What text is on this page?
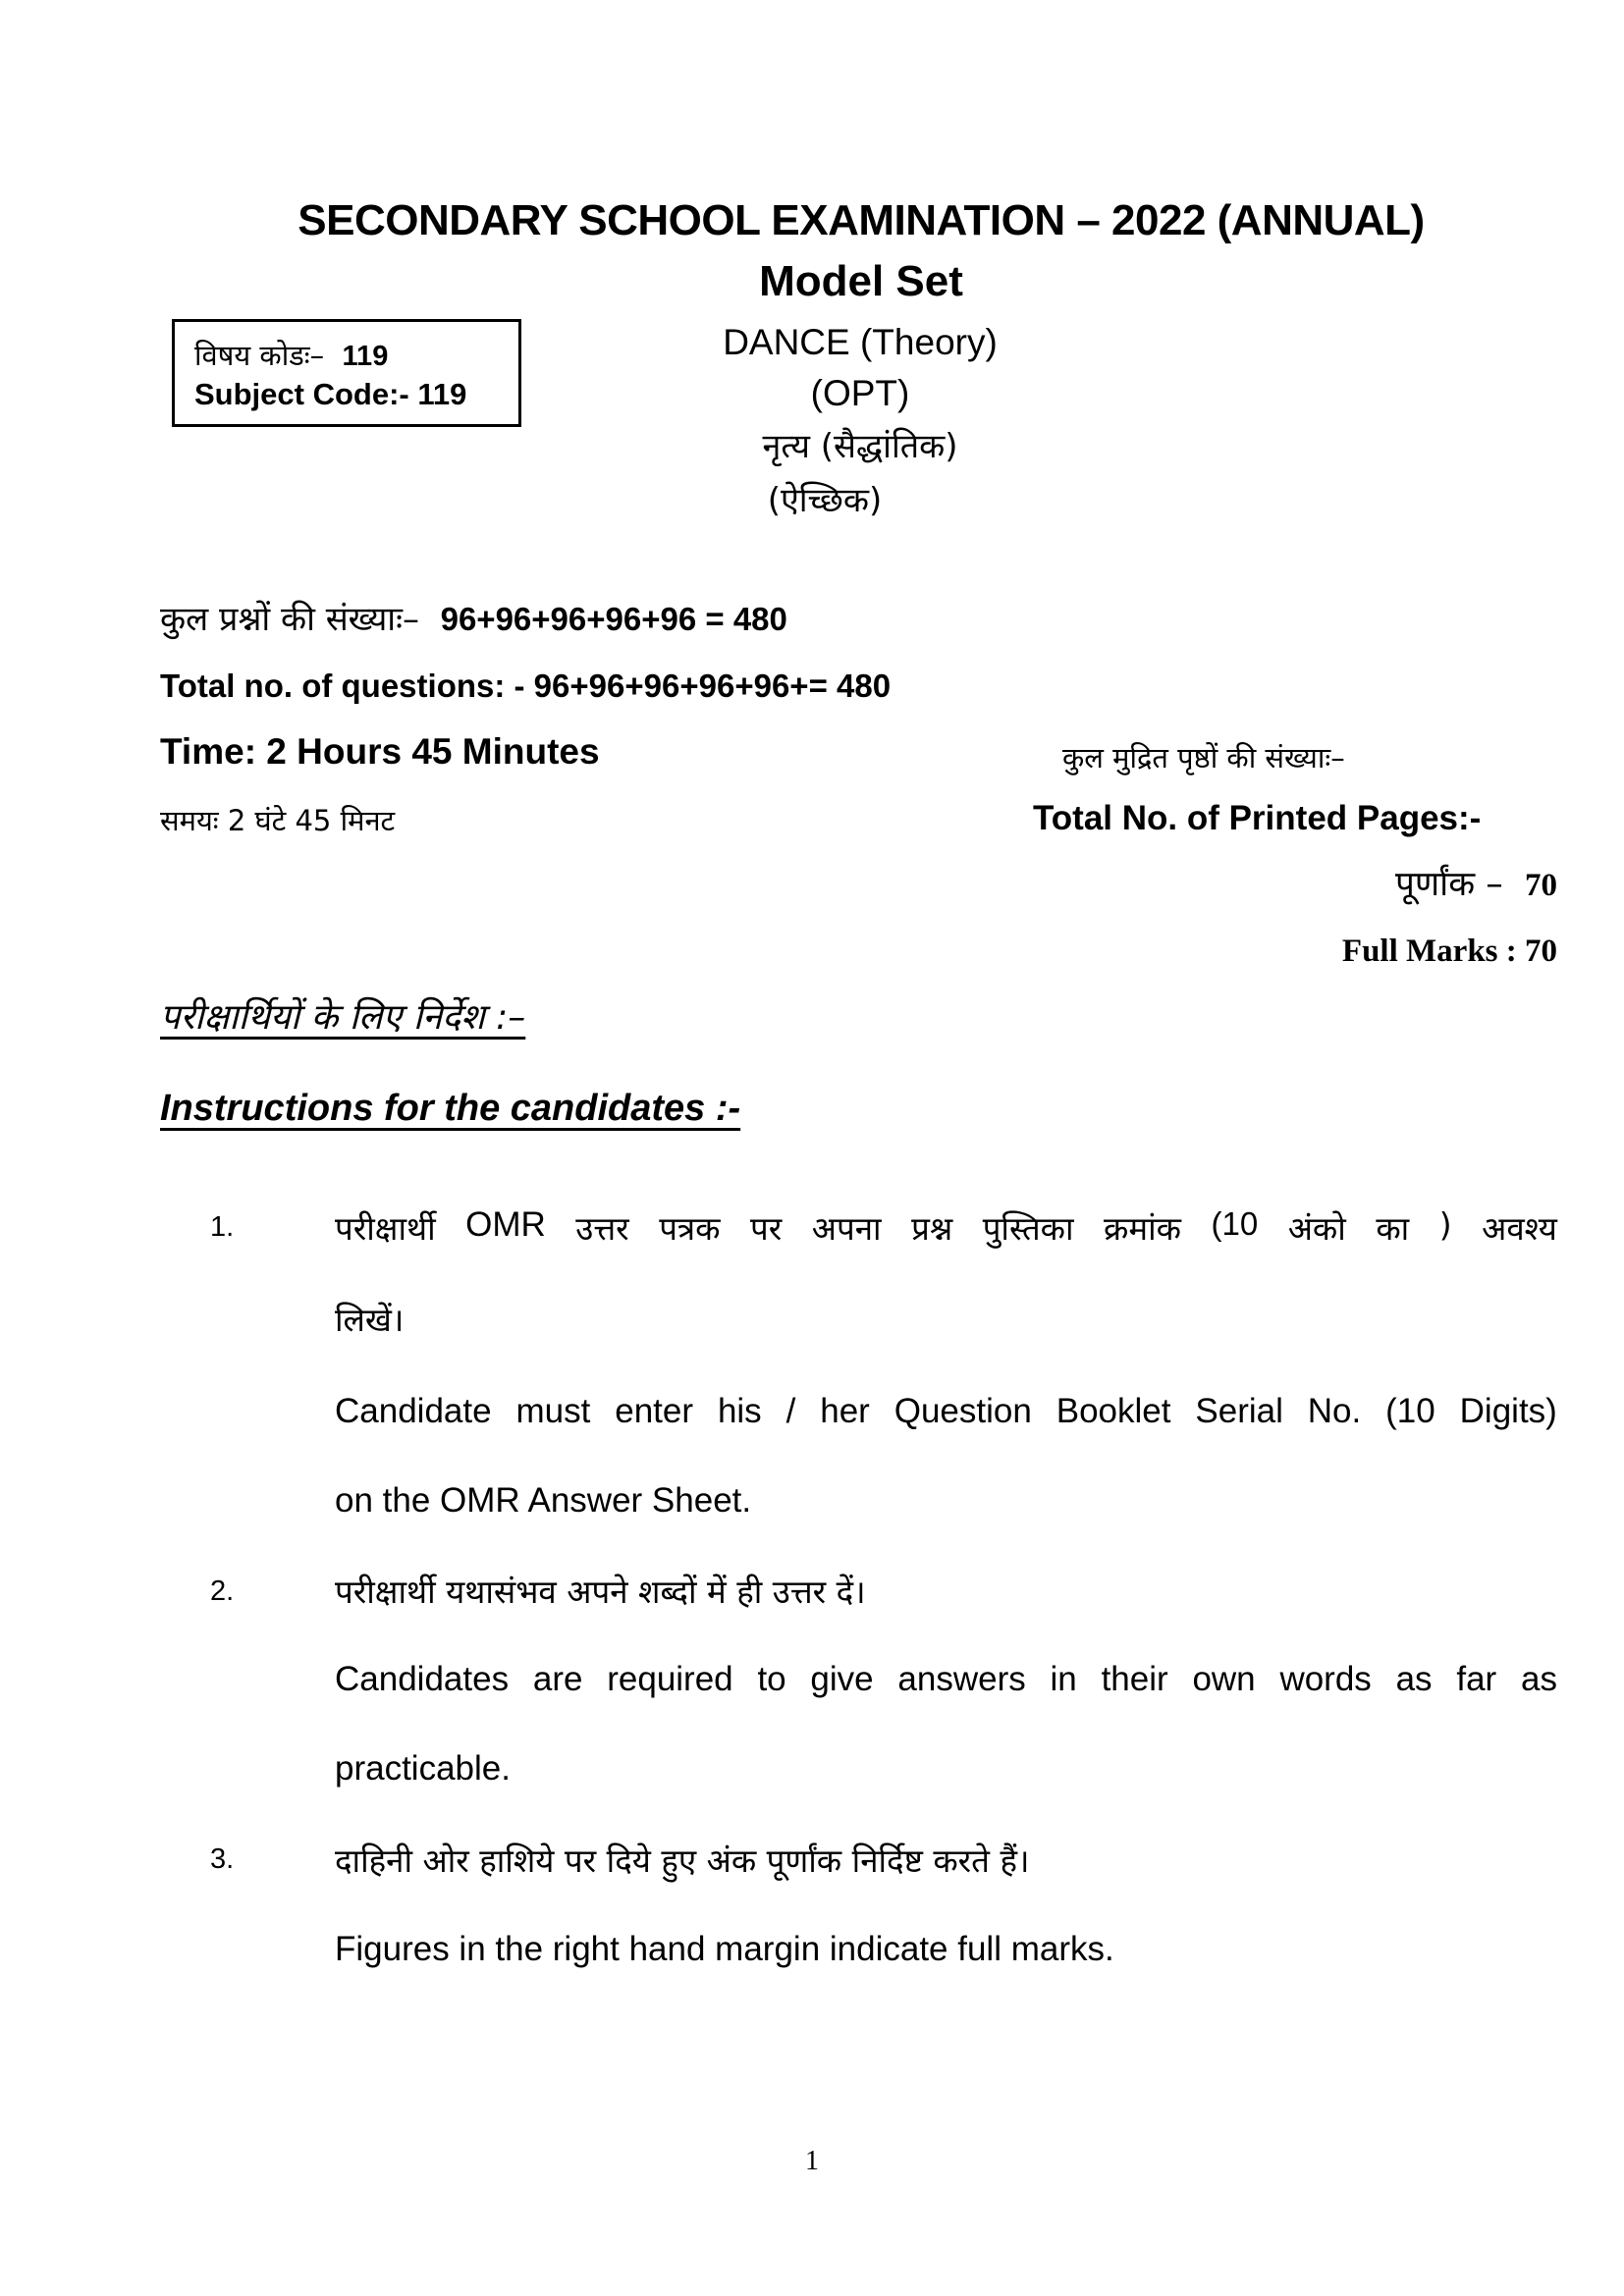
SECONDARY SCHOOL EXAMINATION – 2022 (ANNUAL)
Model Set
विषय कोडः– 119
Subject Code:- 119
DANCE (Theory)
(OPT)
नृत्य (सैद्धांतिक)
(ऐच्छिक)
कुल प्रश्नों की संख्याः– 96+96+96+96+96 = 480
Total no. of questions: - 96+96+96+96+96+= 480
Time: 2 Hours 45 Minutes
समयः 2 घंटे 45 मिनट
कुल मुद्रित पृष्ठों की संख्याः–
Total No. of Printed Pages:-
पूर्णांक – 70
Full Marks : 70
परीक्षार्थियों के लिए निर्देश :–
Instructions for the candidates :-
1.	परीक्षार्थी OMR उत्तर पत्रक पर अपना प्रश्न पुस्तिका क्रमांक (10 अंको का ) अवश्य
लिखें।
Candidate must enter his / her Question Booklet Serial No. (10 Digits)
on the OMR Answer Sheet.
2.	परीक्षार्थी यथासंभव अपने शब्दों में ही उत्तर दें।
Candidates are required to give answers in their own words as far as
practicable.
3.	दाहिनी ओर हाशिये पर दिये हुए अंक पूर्णांक निर्दिष्ट करते हैं।
Figures in the right hand margin indicate full marks.
1
